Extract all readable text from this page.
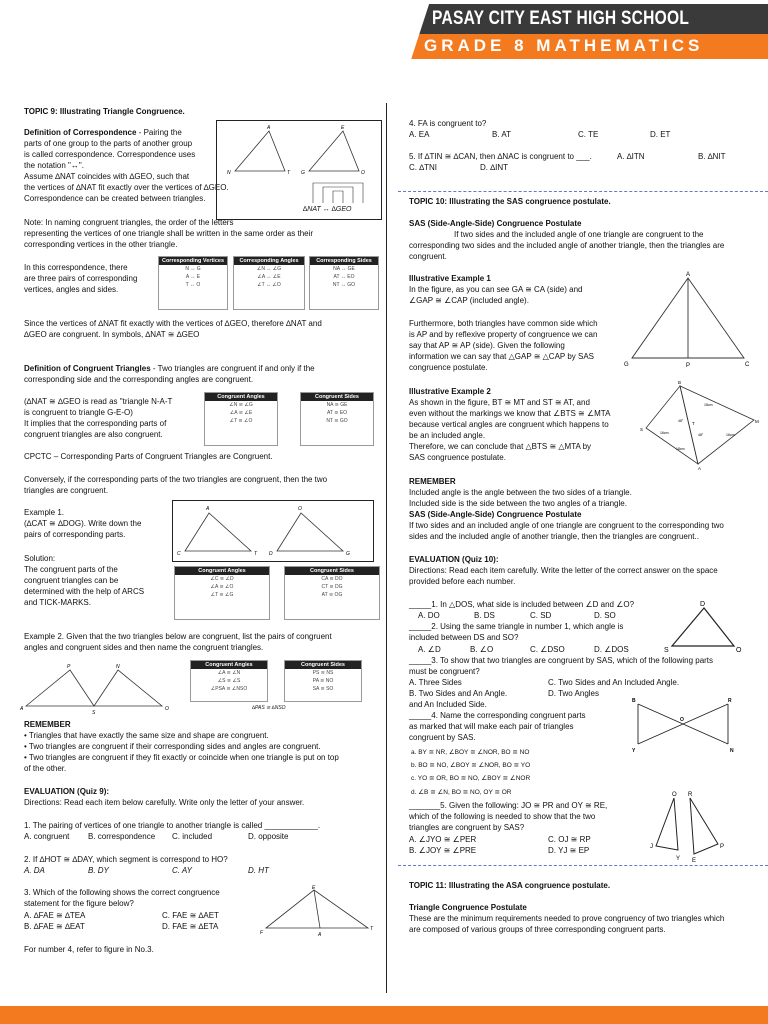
PASAY CITY EAST HIGH SCHOOL
GRADE 8 MATHEMATICS
TOPIC 9: Illustrating Triangle Congruence.
Definition of Correspondence - Pairing the
parts of one group to the parts of another group
is called correspondence. Correspondence uses
the notation "↔".
Assume ∆NAT coincides with ∆GEO, such that
the vertices of ∆NAT fit exactly over the vertices of ∆GEO.
Correspondence can be created between triangles.
N
A
T G
E
O
∆NAT ↔ ∆GEO
Note: In naming congruent triangles, the order of the letters
representing the vertices of one triangle shall be written in the same order as their
corresponding vertices in the other triangle.
In this correspondence, there
are three pairs of corresponding
vertices, angles and sides.
Corresponding Vertices
N ↔ G
A ↔ E
T ↔ O
Corresponding Angles
∠N ↔ ∠G
∠A ↔ ∠E
∠T ↔ ∠O
Corresponding Sides
NA ↔ GE
AT ↔ EO
NT ↔ GO
Since the vertices of ∆NAT fit exactly with the vertices of ∆GEO, therefore ∆NAT and
∆GEO are congruent. In symbols, ∆NAT ≅ ∆GEO
Definition of Congruent Triangles - Two triangles are congruent if and only if the
corresponding side and the corresponding angles are congruent.
(∆NAT ≅ ∆GEO is read as "triangle N-A-T
is congruent to triangle G-E-O)
It implies that the corresponding parts of
congruent triangles are also congruent.
Congruent Angles
∠N ≅ ∠G
∠A ≅ ∠E
∠T ≅ ∠O
Congruent Sides
NA ≅ GE
AT ≅ EO
NT ≅ GO
CPCTC – Corresponding Parts of Congruent Triangles are Congruent.
Conversely, if the corresponding parts of the two triangles are congruent, then the two
triangles are congruent.
Example 1.
(∆CAT ≅ ∆DOG). Write down the
pairs of corresponding parts.
C
A
T D
O
G
Solution:
The congruent parts of the
congruent triangles can be
determined with the help of ARCS
and TICK-MARKS.
Congruent Angles
∠C ≅ ∠D
∠A ≅ ∠O
∠T ≅ ∠G
Congruent Sides
CA ≅ DO
CT ≅ DG
AT ≅ OG
Example 2. Given that the two triangles below are congruent, list the pairs of congruent
angles and congruent sides and then name the congruent triangles.
P	N
A
S
O
Congruent Angles
∠A ≅ ∠N
∠S ≅ ∠S
∠PSA ≅ ∠NSO
Congruent Sides
PS ≅ NS
PA ≅ NO
SA ≅ SO
∆PAS ≅ ∆NSO
REMEMBER
• Triangles that have exactly the same size and shape are congruent.
• Two triangles are congruent if their corresponding sides and angles are congruent.
• Two triangles are congruent if they fit exactly or coincide when one triangle is put on top
of the other.
EVALUATION (Quiz 9):
Directions: Read each item below carefully. Write only the letter of your answer.
1. The pairing of vertices of one triangle to another triangle is called ____________.
A. congruent B. correspondence C. included	D. opposite
2. If ∆HOT ≅ ∆DAY, which segment is correspond to HO?
A. DA	B. DY	C. AY	D. HT
3. Which of the following shows the correct congruence
statement for the figure below?
A. ∆FAE ≅ ∆TEA	C. FAE ≅ ∆AET
B. ∆FAE ≅ ∆EAT	D. FAE ≅ ∆ETA
For number 4, refer to figure in No.3.
E
F
T
A
4. FA is congruent to?
A. EA	B. AT	C. TE	D. ET
5. If ∆TIN ≅ ∆CAN, then ∆NAC is congruent to ___.	A. ∆ITN	B. ∆NIT
C. ∆TNI	D. ∆INT
TOPIC 10: Illustrating the SAS congruence postulate.
SAS (Side-Angle-Side) Congruence Postulate
If two sides and the included angle of one triangle are congruent to the
corresponding two sides and the included angle of another triangle, then the triangles are
congruent.
Illustrative Example 1
In the figure, as you can see GA ≅ CA (side) and
∠GAP ≅ ∠CAP (included angle).
Furthermore, both triangles have common side which
is AP and by reflexive property of congruence we can
say that AP ≅ AP (side). Given the following
information we can say that △GAP ≅ △CAP by SAS
congruence postulate.
A
G	P	C
Illustrative Example 2
As shown in the figure, BT ≅ MT and ST ≅ AT, and
even without the markings we know that ∠BTS ≅ ∠MTA
because vertical angles are congruent which happens to
be an included angle.
Therefore, we can conclude that △BTS ≅ △MTA by
SAS congruence postulate.
B
S
T	M
A
18cm
16cm	16cm
18cm
48°
48°
REMEMBER
Included angle is the angle between the two sides of a triangle.
Included side is the side between the two angles of a triangle.
SAS (Side-Angle-Side) Congruence Postulate
If two sides and an included angle of one triangle are congruent to the corresponding two
sides and the included angle of another triangle, then the triangles are congruent..
EVALUATION (Quiz 10):
Directions: Read each item carefully. Write the letter of the correct answer on the space
provided before each number.
_____1. In △DOS, what side is included between ∠D and ∠O?
A. DO	B. DS	C. SD	D. SO
_____2. Using the same triangle in number 1, which angle is
included between DS and SO?
A. ∠D	B. ∠O	C. ∠DSO	D. ∠DOS
D
O
S
_____3. To show that two triangles are congruent by SAS, which of the following parts
must be congruent?
A. Three Sides	C. Two Sides and An Included Angle.
B. Two Sides and An Angle.	D. Two Angles
and An Included Side.
_____4. Name the corresponding congruent parts
as marked that will make each pair of triangles
congruent by SAS.
a. BY ≅ NR, ∠BOY ≅ ∠NOR, BO ≅ NO
b. BO ≅ NO, ∠BOY ≅ ∠NOR, BO ≅ YO
c. YO ≅ OR, BO ≅ NO, ∠BOY ≅ ∠NOR
d. ∠B ≅ ∠N, BO ≅ NO, OY ≅ OR
B	R
O
Y	N
_______5. Given the following: JO ≅ PR and OY ≅ RE,
which of the following is needed to show that the two
triangles are congruent by SAS?
A. ∠JYO ≅ ∠PER	C. OJ ≅ RP
B. ∠JOY ≅ ∠PRE	D. YJ ≅ EP
O R
J
Y E
P
TOPIC 11: Illustrating the ASA congruence postulate.
Triangle Congruence Postulate
These are the minimum requirements needed to prove congruency of two triangles which
are composed of various groups of three corresponding congruent parts.
